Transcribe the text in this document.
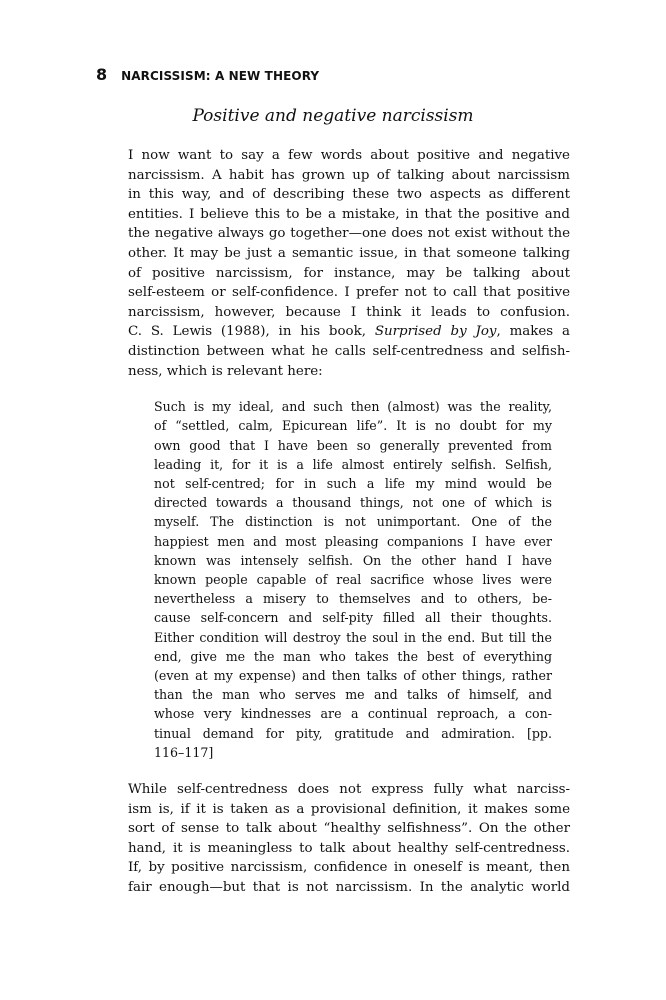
8 NARCISSISM: A NEW THEORY
Positive and negative narcissism

I now want to say a few words about positive and negative
narcissism. A habit has grown up of talking about narcissism
in this way, and of describing these two aspects as different
entities. I believe this to be a mistake, in that the positive and
the negative always go together—one does not exist without the
other. It may be just a semantic issue, in that someone talking
of positive narcissism, for instance, may be talking about
self-esteem or self-confidence. I prefer not to call that positive
narcissism, however, because I think it leads to confusion.
C. S. Lewis (1988), in his book, Surprised by Joy, makes a
distinction between what he calls self-centredness and selfish-
ness, which is relevant here:

Such is my ideal, and such then (almost) was the reality,
of “settled, calm, Epicurean life”. It is no doubt for my
own good that I have been so generally prevented from
leading it, for it is a life almost entirely selfish. Selfish,
not self-centred; for in such a life my mind would be
directed towards a thousand things, not one of which is
myself. The distinction is not unimportant. One of the
happiest men and most pleasing companions I have ever
known was intensely selfish. On the other hand I have
known people capable of real sacrifice whose lives were
nevertheless a misery to themselves and to others, be-
cause self-concern and self-pity filled all their thoughts.
Either condition will destroy the soul in the end. But till the
end, give me the man who takes the best of everything
(even at my expense) and then talks of other things, rather
than the man who serves me and talks of himself, and
whose very kindnesses are a continual reproach, a con-
tinual demand for pity, gratitude and admiration. [pp.
116–117]

While self-centredness does not express fully what narciss-
ism is, if it is taken as a provisional definition, it makes some
sort of sense to talk about “healthy selfishness”. On the other
hand, it is meaningless to talk about healthy self-centredness.
If, by positive narcissism, confidence in oneself is meant, then
fair enough—but that is not narcissism. In the analytic world
